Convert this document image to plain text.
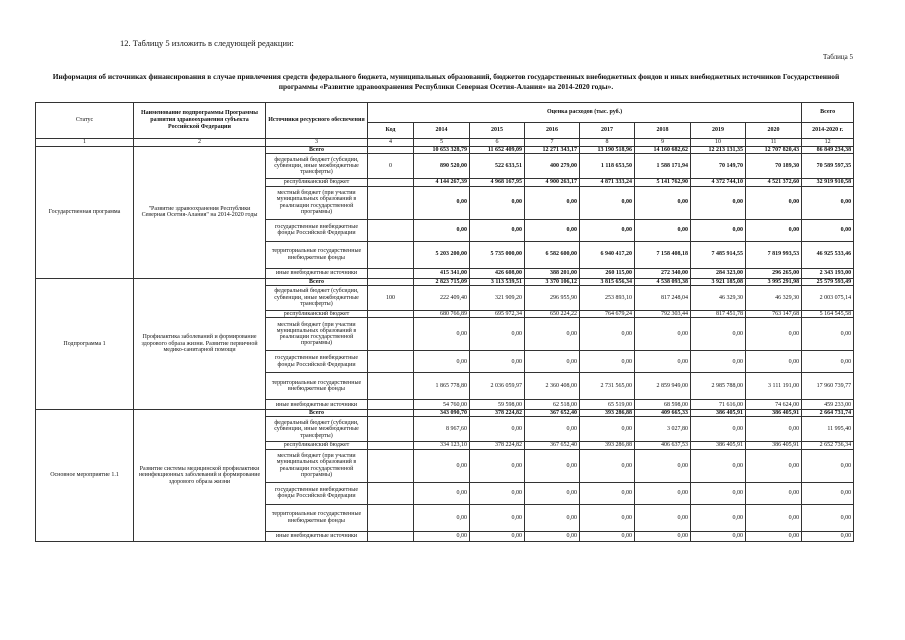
12. Таблицу 5 изложить в следующей редакции:
Таблица 5
Информация об источниках финансирования в случае привлечения средств федерального бюджета, муниципальных образований, бюджетов государственных внебюджетных фондов и иных внебюджетных источников Государственной программы «Развитие здравоохранения Республики Северная Осетия-Алания» на 2014-2020 годы».
Статус	Наименование подпрограммы Программы развития здравоохранения субъекта Российской Федерации	Источники ресурсного обеспечения	Оценка расходов (тыс. руб.)								Всего
			Код	2014	2015	2016	2017	2018	2019	2020	2014-2020 г.
1	2	3	4	5	6	7	8	9	10	11	12
Государственная программа	"Развитие здравоохранения Республики Северная Осетия-Алания" на 2014-2020 годы	Всего		10 653 328,79	11 652 409,09	12 271 343,17	13 190 518,96	14 160 682,62	12 213 131,35	12 707 820,43	86 849 234,38
		федеральный бюджет (субсидии, субвенции, иные межбюджетные трансферты)	0	890 520,00	522 633,51	400 279,00	1 118 653,50	1 588 171,94	70 149,70	70 189,30	70 589 597,35
		республиканский бюджет		4 144 267,39	4 968 167,95	4 900 263,17	4 871 333,24	5 141 762,90	4 372 744,10	4 521 372,60	32 919 910,58
		местный бюджет (при участии муниципальных образований в реализации государственной программы)		0,00	0,00	0,00	0,00	0,00	0,00	0,00	0,00
		государственные внебюджетные фонды Российской Федерации		0,00	0,00	0,00	0,00	0,00	0,00	0,00	0,00
		территориальные государственные внебюджетные фонды		5 203 200,00	5 735 000,00	6 582 600,00	6 940 417,20	7 158 408,18	7 485 914,55	7 819 993,53	46 925 533,46
		иные внебюджетные источники		415 341,00	426 608,00	388 201,00	260 115,00	272 340,00	284 323,00	296 265,00	2 343 193,00
Подпрограмма 1	Профилактика заболеваний и формирование здорового образа жизни. Развитие первичной медико-санитарной помощи	Всего		2 823 715,09	3 113 539,51	3 370 106,12	3 815 656,34	4 538 093,38	3 921 185,08	3 995 291,98	25 579 593,49
		федеральный бюджет (субсидии, субвенции, иные межбюджетные трансферты)	100	222 409,40	321 909,20	296 955,90	253 893,10	817 248,04	46 329,30	46 329,30	2 003 075,14
		республиканский бюджет		680 766,89	695 972,34	650 224,22	764 679,24	792 303,44	817 451,78	763 147,68	5 164 545,58
		местный бюджет (при участии муниципальных образований в реализации государственной программы)		0,00	0,00	0,00	0,00	0,00	0,00	0,00	0,00
		государственные внебюджетные фонды Российской Федерации		0,00	0,00	0,00	0,00	0,00	0,00	0,00	0,00
		территориальные государственные внебюджетные фонды		1 865 778,80	2 036 059,97	2 360 408,00	2 731 565,00	2 859 949,00	2 985 788,00	3 111 191,00	17 960 739,77
		иные внебюджетные источники		54 760,00	59 598,00	62 518,00	65 519,00	68 598,00	71 616,00	74 624,00	459 233,00
Основное мероприятие 1.1	Развитие системы медицинской профилактики неинфекционных заболеваний и формирование здорового образа жизни	Всего		343 090,70	378 224,82	367 652,40	393 286,88	409 665,33	386 405,91	386 405,91	2 664 731,74
		федеральный бюджет (субсидии, субвенции, иные межбюджетные трансферты)		8 967,60	0,00	0,00	0,00	3 027,80	0,00	0,00	11 995,40
		республиканский бюджет		334 123,10	378 224,82	367 652,40	393 286,88	406 637,53	386 405,91	386 405,91	2 652 736,34
		местный бюджет (при участии муниципальных образований в реализации государственной программы)		0,00	0,00	0,00	0,00	0,00	0,00	0,00	0,00
		государственные внебюджетные фонды Российской Федерации		0,00	0,00	0,00	0,00	0,00	0,00	0,00	0,00
		территориальные государственные внебюджетные фонды		0,00	0,00	0,00	0,00	0,00	0,00	0,00	0,00
		иные внебюджетные источники		0,00	0,00	0,00	0,00	0,00	0,00	0,00	0,00
